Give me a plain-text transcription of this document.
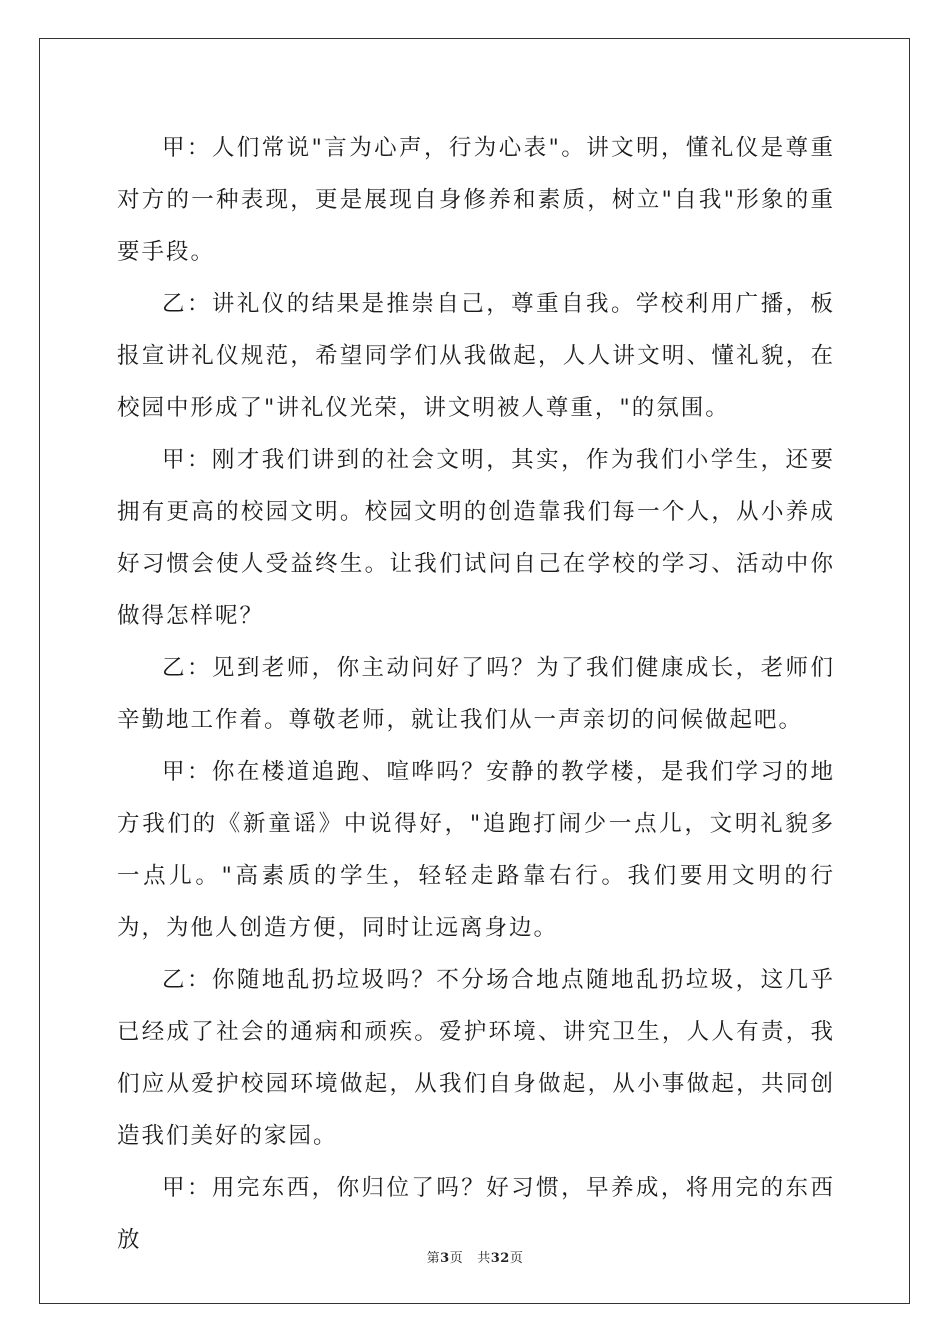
甲：人们常说"言为心声，行为心表"。讲文明，懂礼仪是尊重对方的一种表现，更是展现自身修养和素质，树立"自我"形象的重要手段。

乙：讲礼仪的结果是推崇自己，尊重自我。学校利用广播，板报宣讲礼仪规范，希望同学们从我做起，人人讲文明、懂礼貌，在校园中形成了"讲礼仪光荣，讲文明被人尊重，"的氛围。

甲：刚才我们讲到的社会文明，其实，作为我们小学生，还要拥有更高的校园文明。校园文明的创造靠我们每一个人，从小养成好习惯会使人受益终生。让我们试问自己在学校的学习、活动中你做得怎样呢？

乙：见到老师，你主动问好了吗？为了我们健康成长，老师们辛勤地工作着。尊敬老师，就让我们从一声亲切的问候做起吧。

甲：你在楼道追跑、喧哗吗？安静的教学楼，是我们学习的地方我们的《新童谣》中说得好，"追跑打闹少一点儿，文明礼貌多一点儿。"高素质的学生，轻轻走路靠右行。我们要用文明的行为，为他人创造方便，同时让远离身边。

乙：你随地乱扔垃圾吗？不分场合地点随地乱扔垃圾，这几乎已经成了社会的通病和顽疾。爱护环境、讲究卫生，人人有责，我们应从爱护校园环境做起，从我们自身做起，从小事做起，共同创造我们美好的家园。

甲：用完东西，你归位了吗？好习惯，早养成，将用完的东西放

第3页 共32页
